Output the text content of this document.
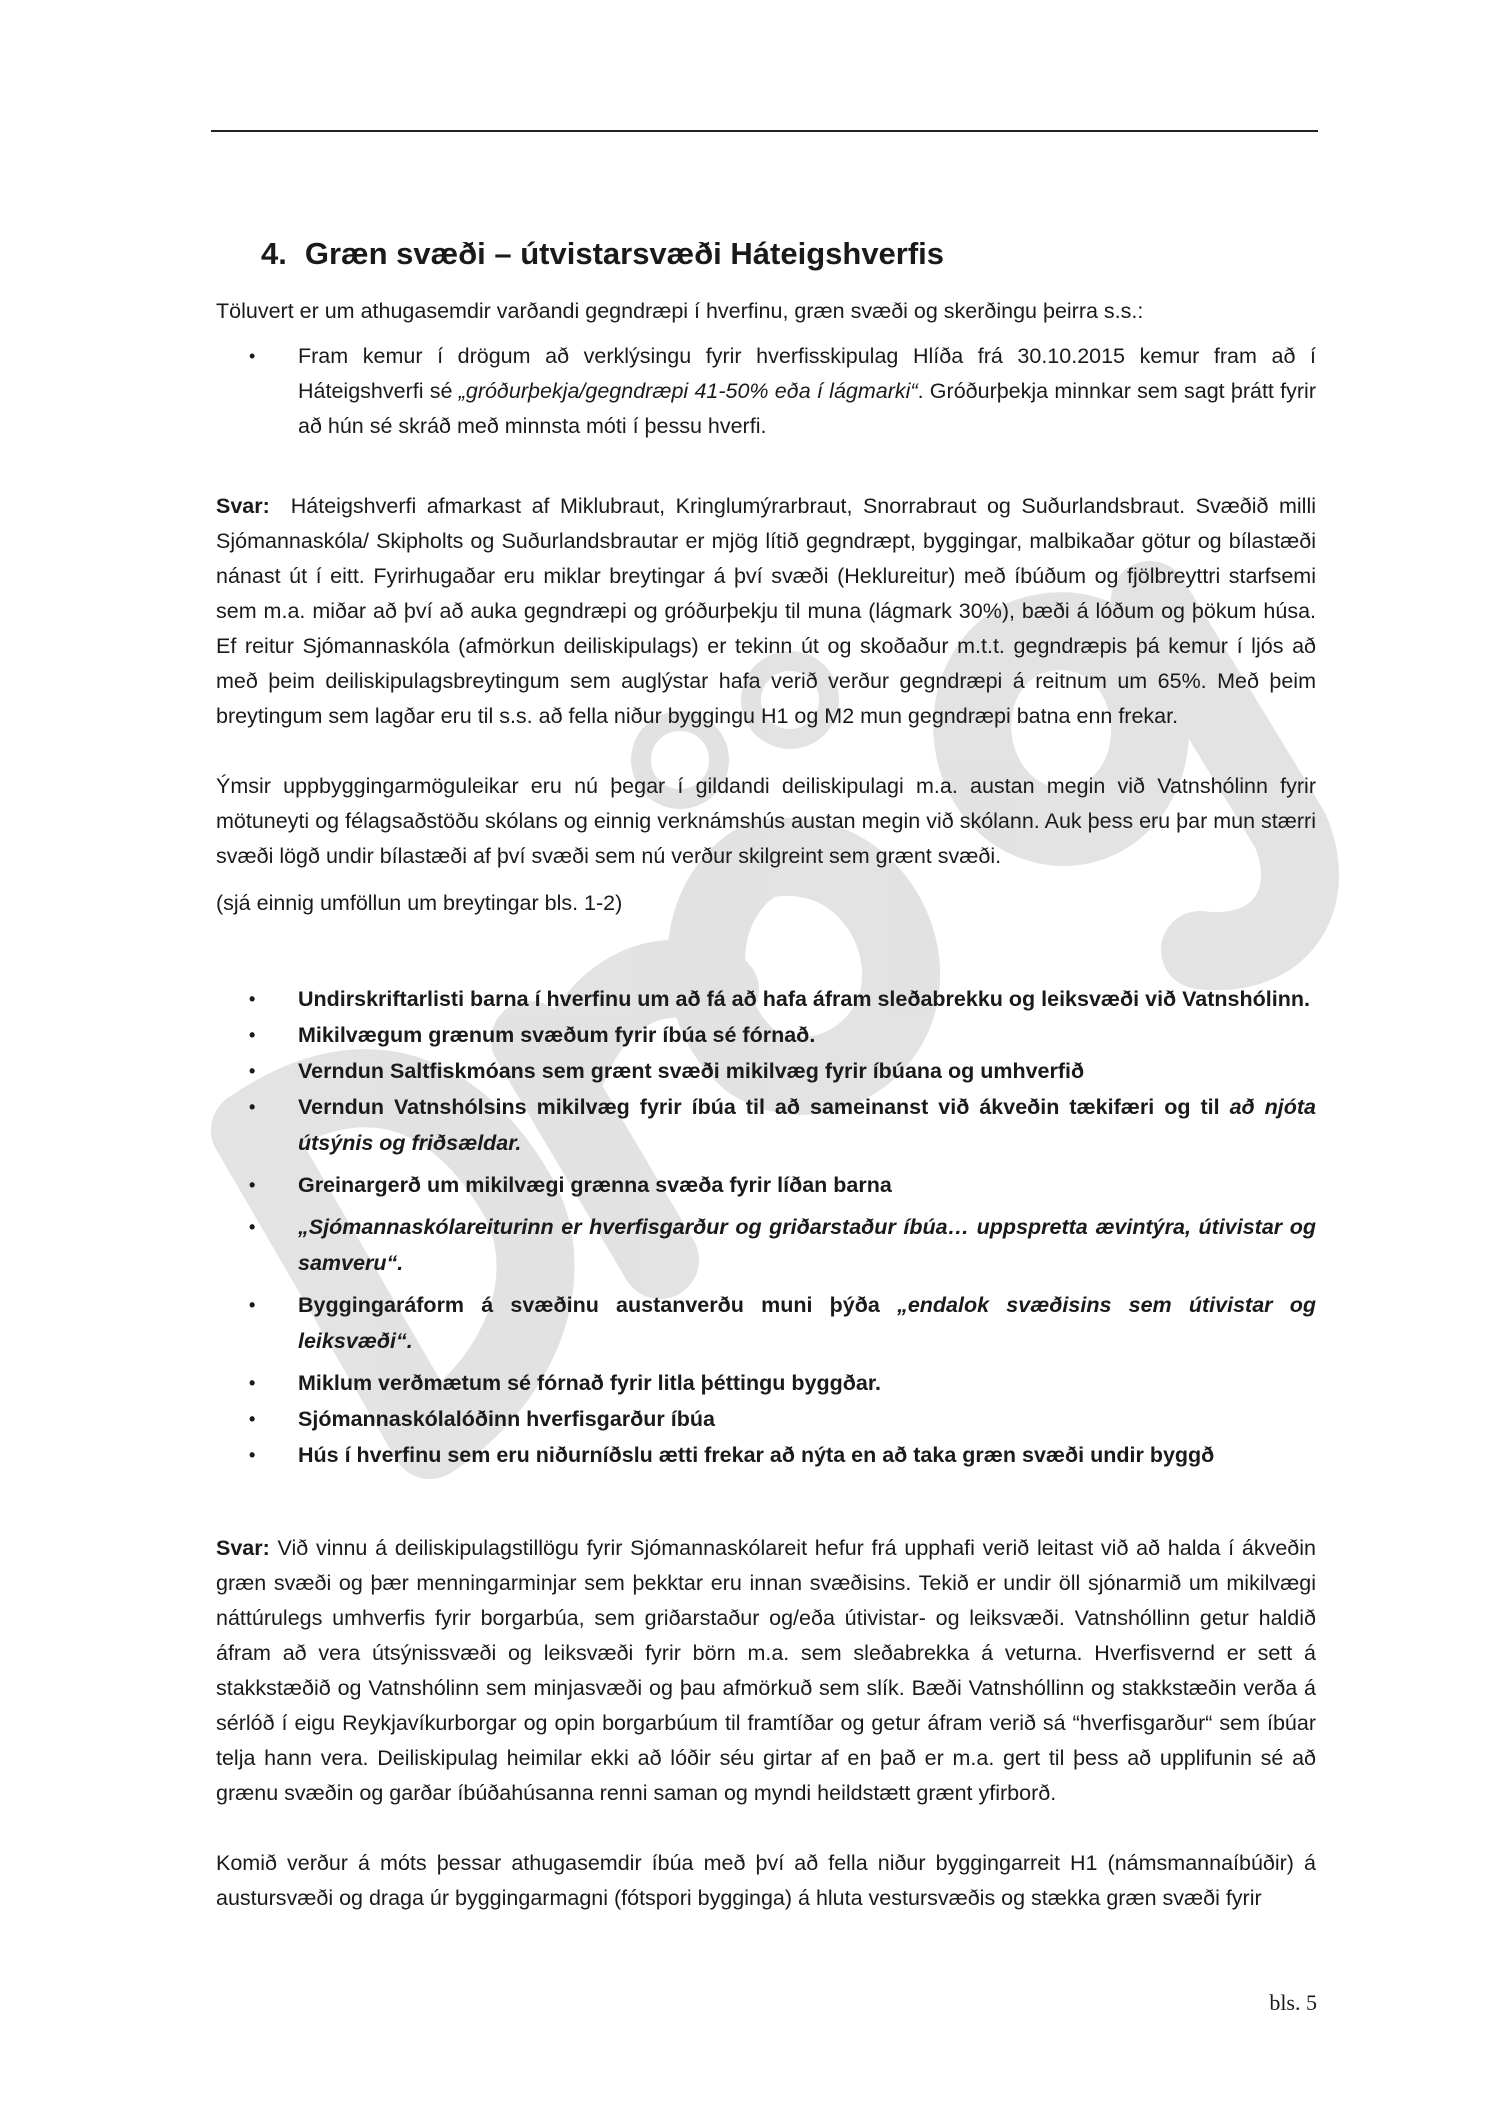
4. Græn svæði – útvistarsvæði Háteigshverfis

Töluvert er um athugasemdir varðandi gegndræpi í hverfinu, græn svæði og skerðingu þeirra s.s.:

• Fram kemur í drögum að verklýsingu fyrir hverfisskipulag Hlíða frá 30.10.2015 kemur fram að í Háteigshverfi sé „gróðurþekja/gegndræpi 41-50% eða í lágmarki“. Gróðurþekja minnkar sem sagt þrátt fyrir að hún sé skráð með minnsta móti í þessu hverfi.

Svar: Háteigshverfi afmarkast af Miklubraut, Kringlumýrarbraut, Snorrabraut og Suðurlandsbraut. Svæðið milli Sjómannaskóla/ Skipholts og Suðurlandsbrautar er mjög lítið gegndræpt, byggingar, malbikaðar götur og bílastæði nánast út í eitt. Fyrirhugaðar eru miklar breytingar á því svæði (Heklureitur) með íbúðum og fjölbreyttri starfsemi sem m.a. miðar að því að auka gegndræpi og gróðurþekju til muna (lágmark 30%), bæði á lóðum og þökum húsa. Ef reitur Sjómannaskóla (afmörkun deiliskipulags) er tekinn út og skoðaður m.t.t. gegndræpis þá kemur í ljós að með þeim deiliskipulagsbreytingum sem auglýstar hafa verið verður gegndræpi á reitnum um 65%. Með þeim breytingum sem lagðar eru til s.s. að fella niður byggingu H1 og M2 mun gegndræpi batna enn frekar.

Ýmsir uppbyggingarmöguleikar eru nú þegar í gildandi deiliskipulagi m.a. austan megin við Vatnshólinn fyrir mötuneyti og félagsaðstöðu skólans og einnig verknámshús austan megin við skólann. Auk þess eru þar mun stærri svæði lögð undir bílastæði af því svæði sem nú verður skilgreint sem grænt svæði.

(sjá einnig umföllun um breytingar bls. 1-2)

• Undirskriftarlisti barna í hverfinu um að fá að hafa áfram sleðabrekku og leiksvæði við Vatnshólinn.
• Mikilvægum grænum svæðum fyrir íbúa sé fórnað.
• Verndun Saltfiskmóans sem grænt svæði mikilvæg fyrir íbúana og umhverfið
• Verndun Vatnshólsins mikilvæg fyrir íbúa til að sameinanst við ákveðin tækifæri og til að njóta útsýnis og friðsældar.
• Greinargerð um mikilvægi grænna svæða fyrir líðan barna
• „Sjómannaskólareiturinn er hverfisgarður og griðarstaður íbúa… uppspretta ævintýra, útivistar og samveru“.
• Byggingaráform á svæðinu austanverðu muni þýða „endalok svæðisins sem útivistar og leiksvæði“.
• Miklum verðmætum sé fórnað fyrir litla þéttingu byggðar.
• Sjómannaskólalóðinn hverfisgarður íbúa
• Hús í hverfinu sem eru niðurníðslu ætti frekar að nýta en að taka græn svæði undir byggð

Svar: Við vinnu á deiliskipulagstillögu fyrir Sjómannaskólareit hefur frá upphafi verið leitast við að halda í ákveðin græn svæði og þær menningarminjar sem þekktar eru innan svæðisins. Tekið er undir öll sjónarmið um mikilvægi náttúrulegs umhverfis fyrir borgarbúa, sem griðarstaður og/eða útivistar- og leiksvæði. Vatnshóllinn getur haldið áfram að vera útsýnissvæði og leiksvæði fyrir börn m.a. sem sleðabrekka á veturna. Hverfisvernd er sett á stakkstæðið og Vatnshólinn sem minjasvæði og þau afmörkuð sem slík. Bæði Vatnshóllinn og stakkstæðin verða á sérlóð í eigu Reykjavíkurborgar og opin borgarbúum til framtíðar og getur áfram verið sá “hverfisgarður“ sem íbúar telja hann vera. Deiliskipulag heimilar ekki að lóðir séu girtar af en það er m.a. gert til þess að upplifunin sé að grænu svæðin og garðar íbúðahúsanna renni saman og myndi heildstætt grænt yfirborð.

Komið verður á móts þessar athugasemdir íbúa með því að fella niður byggingarreit H1 (námsmannaíbúðir) á austursvæði og draga úr byggingarmagni (fótspori bygginga) á hluta vestursvæðis og stækka græn svæði fyrir

bls. 5
